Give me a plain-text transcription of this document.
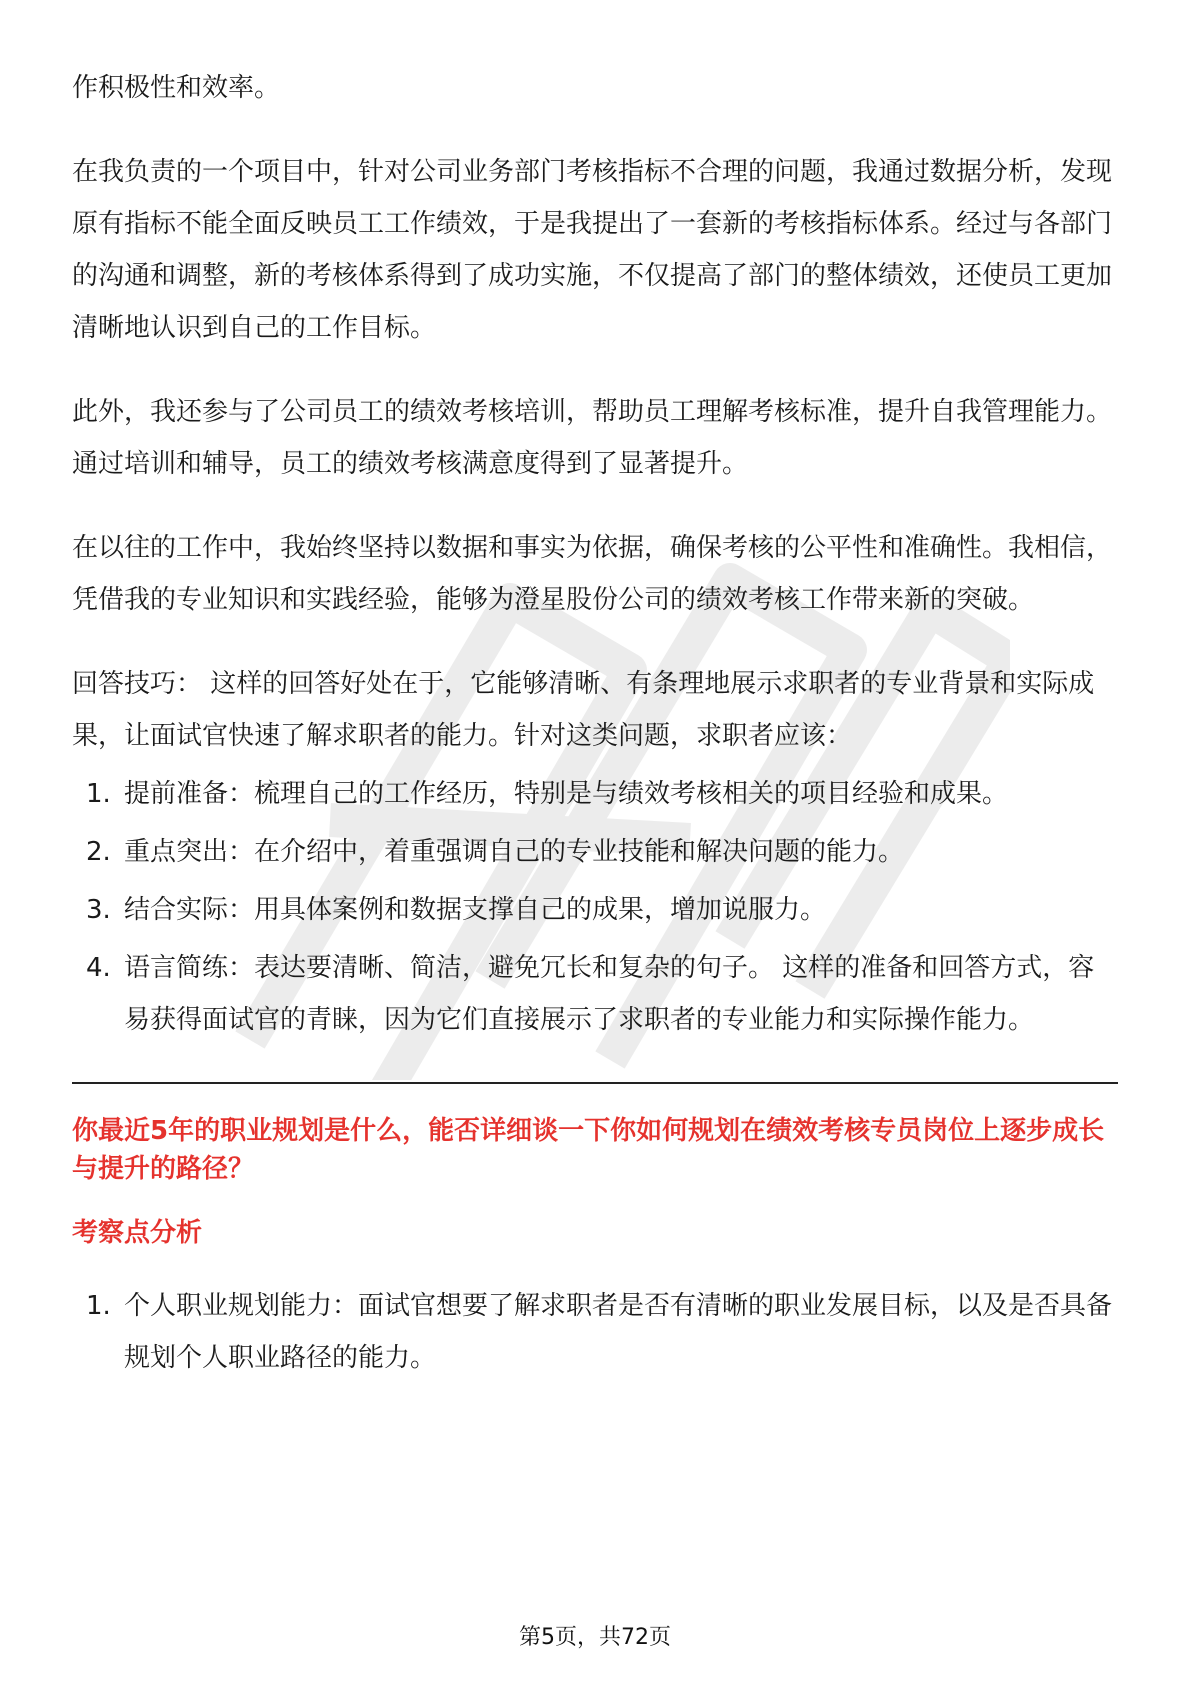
作积极性和效率。

在我负责的一个项目中，针对公司业务部门考核指标不合理的问题，我通过数据分析，发现原有指标不能全面反映员工工作绩效，于是我提出了一套新的考核指标体系。经过与各部门的沟通和调整，新的考核体系得到了成功实施，不仅提高了部门的整体绩效，还使员工更加清晰地认识到自己的工作目标。

此外，我还参与了公司员工的绩效考核培训，帮助员工理解考核标准，提升自我管理能力。通过培训和辅导，员工的绩效考核满意度得到了显著提升。

在以往的工作中，我始终坚持以数据和事实为依据，确保考核的公平性和准确性。我相信，凭借我的专业知识和实践经验，能够为澄星股份公司的绩效考核工作带来新的突破。

回答技巧： 这样的回答好处在于，它能够清晰、有条理地展示求职者的专业背景和实际成果，让面试官快速了解求职者的能力。针对这类问题，求职者应该：

1. 提前准备：梳理自己的工作经历，特别是与绩效考核相关的项目经验和成果。
2. 重点突出：在介绍中，着重强调自己的专业技能和解决问题的能力。
3. 结合实际：用具体案例和数据支撑自己的成果，增加说服力。
4. 语言简练：表达要清晰、简洁，避免冗长和复杂的句子。 这样的准备和回答方式，容易获得面试官的青睐，因为它们直接展示了求职者的专业能力和实际操作能力。
你最近5年的职业规划是什么，能否详细谈一下你如何规划在绩效考核专员岗位上逐步成长与提升的路径？
考察点分析
1. 个人职业规划能力：面试官想要了解求职者是否有清晰的职业发展目标，以及是否具备规划个人职业路径的能力。
第5页，共72页
